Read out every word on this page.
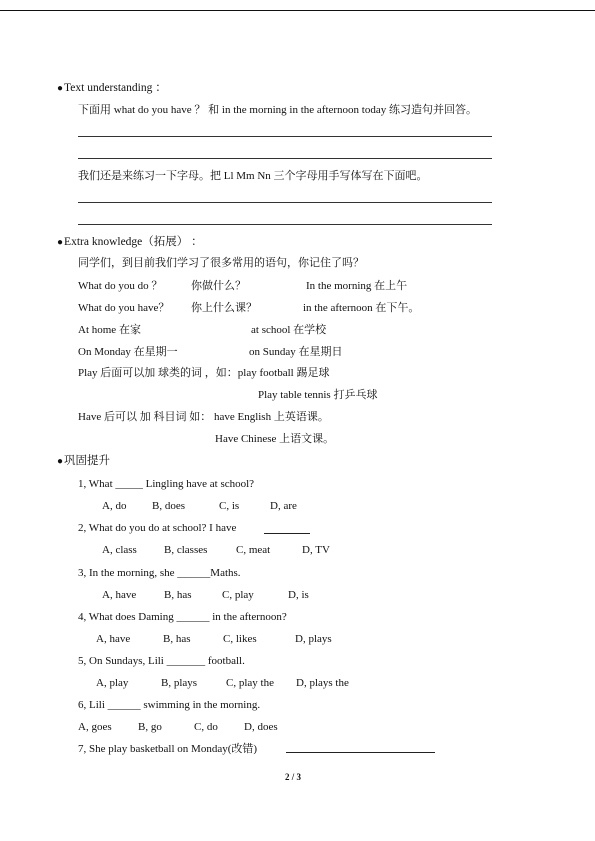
●Text understanding ：
下面用 what do you have ？ 和 in the morning in the afternoon today 练习造句并回答。
我们还是来练习一下字母。把 Ll Mm Nn 三个字母用手写体写在下面吧。
●Extra knowledge（拓展） ：
同学们，到目前我们学习了很多常用的语句，你记住了吗？
What do you do ？	你做什么？	In the morning 在上午
What do you have？ 你上什么课？	in the afternoon 在下午。
At home 在家	at school 在学校
On Monday 在星期一	on Sunday 在星期日
Play 后面可以加 球类的词 ，如：play football 踢足球
Play table tennis 打乒乓球
Have 后可以 加 科目词 如： have English 上英语课。
Have Chinese 上语文课。
●巩固提升
1, What _____ Lingling have at school?
A, do B, does	C, is	D, are
2, What do you do at school? I have
A, class B, classes	C, meat	D, TV
3, In the morning, she ______Maths.
A, have	B, has	C, play	D, is
4, What does Daming ______ in the afternoon?
A, have	B, has	C, likes	D, plays
5, On Sundays, Lili _______ football.
A, play	B, plays	C, play the D, plays the
6, Lili ______ swimming in the morning.
A, goes B, go	C, do D, does
7, She play basketball on Monday(改错)
2 / 3
